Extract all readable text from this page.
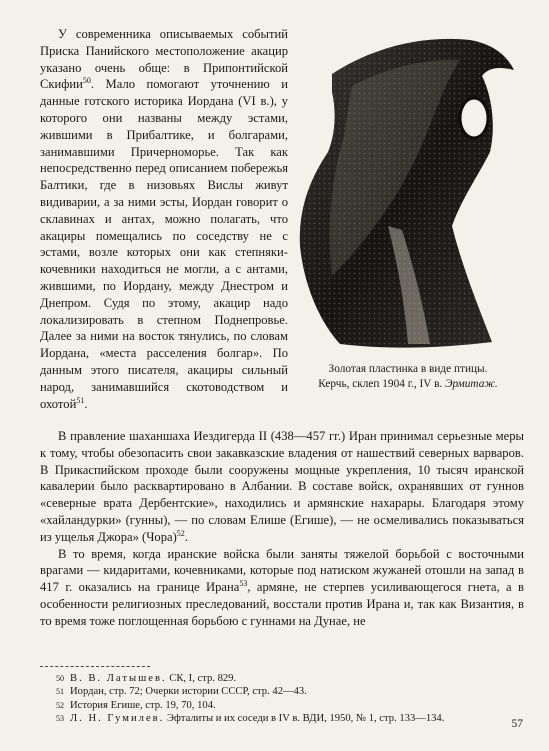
У современника описываемых событий Приска Панийского местоположение акацир указано очень обще: в Припонтийской Скифии$^{50}$. Мало помогают уточнению и данные готского историка Иордана (VI в.), у которого они названы между эстами, жившими в Прибалтике, и болгарами, занимавшими Причерноморье. Так как непосредственно перед описанием побережья Балтики, где в низовьях Вислы живут видиварии, а за ними эсты, Иордан говорит о склавинах и антах, можно полагать, что акациры помещались по соседству не с эстами, возле которых они как степняки-кочевники находиться не могли, а с антами, жившими, по Иордану, между Днестром и Днепром. Судя по этому, акацир надо локализировать в степном Поднепровье. Далее за ними на восток тянулись, по словам Иордана, «места расселения болгар». По данным этого писателя, акациры сильный народ, занимавшийся скотоводством и охотой$^{51}$.

Золотая пластинка в виде птицы.
Керчь, склеп 1904 г., IV в. Эрмитаж.

В правление шаханшаха Иездигерда II (438—457 гг.) Иран принимал серьезные меры к тому, чтобы обезопасить свои закавказские владения от нашествий северных варваров. В Прикаспийском проходе были сооружены мощные укрепления, 10 тысяч иранской кавалерии было расквартировано в Албании. В составе войск, охранявших от гуннов «северные врата Дербентские», находились и армянские нахарары. Благодаря этому «хайландурки» (гунны), — по словам Елише (Егише), — не осмеливались показываться из ущелья Джора» (Чора)$^{52}$.

В то время, когда иранские войска были заняты тяжелой борьбой с восточными врагами — кидаритами, кочевниками, которые под натиском жужаней отошли на запад в 417 г. оказались на границе Ирана$^{53}$, армяне, не стерпев усиливающегося гнета, а в особенности религиозных преследований, восстали против Ирана и, так как Византия, в то время тоже поглощенная борьбою с гуннами на Дунае, не

50 В. В. Латышев. СК, I, стр. 829.
51 Иордан, стр. 72; Очерки истории СССР, стр. 42—43.
52 История Егише, стр. 19, 70, 104.
53 Л. Н. Гумилев. Эфталиты и их соседи в IV в. ВДИ, 1950, № 1, стр. 133—134.	57
